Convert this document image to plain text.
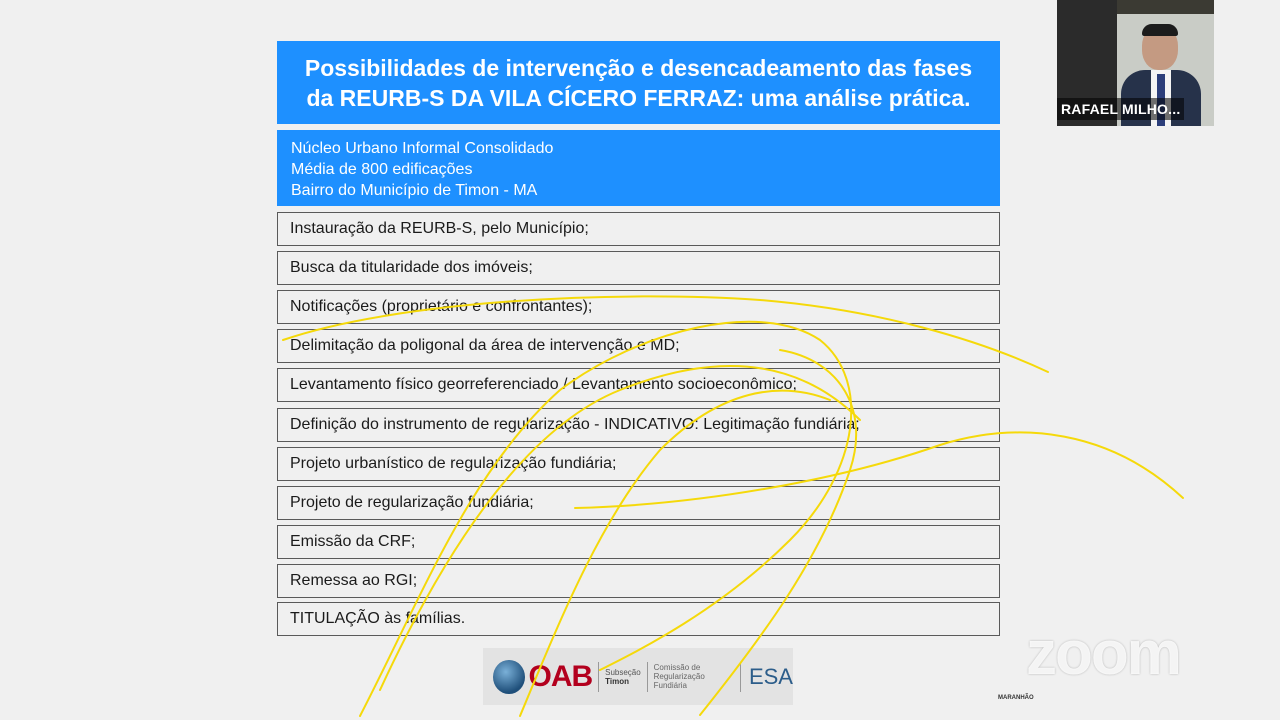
Possibilidades de intervenção e desencadeamento das fases da REURB-S DA VILA CÍCERO FERRAZ: uma análise prática.
Núcleo Urbano Informal Consolidado
Média de 800 edificações
Bairro do Município de Timon - MA
Instauração da REURB-S, pelo Município;
Busca da titularidade dos imóveis;
Notificações (proprietário e confrontantes);
Delimitação da poligonal da área de intervenção e MD;
Levantamento físico georreferenciado / Levantamento socioeconômico;
Definição do instrumento de regularização - INDICATIVO: Legitimação fundiária;
Projeto urbanístico de regularização fundiária;
Projeto de regularização fundiária;
Emissão da CRF;
Remessa ao RGI;
TITULAÇÃO às famílias.
OAB
MARANHÃO
Subseção
Timon
Comissão de
Regularização Fundiária	ESA	zoom
RAFAEL MILHO...
